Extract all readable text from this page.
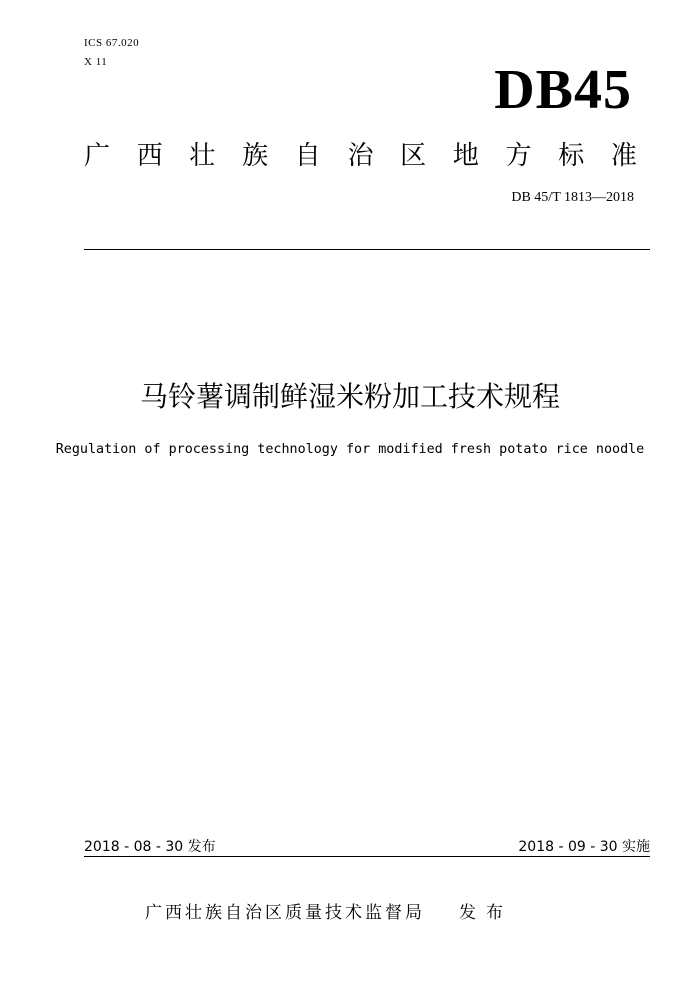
ICS 67.020
X 11	DB45
广 西 壮 族 自 治 区 地 方 标 准
DB 45/T 1813—2018
马铃薯调制鲜湿米粉加工技术规程
Regulation of processing technology for modified fresh potato rice noodle
2018 - 08 - 30 发布	2018 - 09 - 30 实施
广西壮族自治区质量技术监督局 发布
